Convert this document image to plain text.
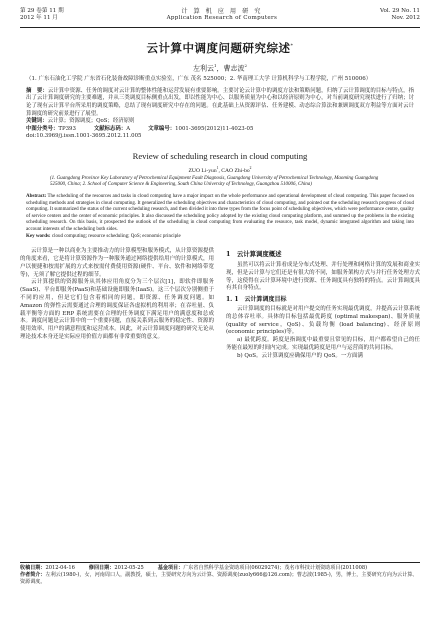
第 29 卷第 11 期
2012 年 11 月
计 算 机 应 用 研 究
Application Research of Computers
Vol. 29 No. 11
Nov. 2012
云计算中调度问题研究综述*
左利云$^1$，曹志波$^2$
（1. 广东石油化工学院 广东省石化装备故障诊断重点实验室，广东 茂名 525000；2. 华南理工大学 计算机科学与工程学院，广州 510006）
摘　要：云计算中资源、任务的调度对云计算的整体性能和运营发展有重要影响。主要讨论云计算中的调度方法和策略问题，归纳了云计算调度的目标与特点，指出了云计算调度研究的主要难题，并从三类调度目标侧重点出发，即以性能为中心、以服务质量为中心和以经济原则为中心，对当前调度研究现状进行了归纳；讨论了现有云计算平台所采用的调度策略，总结了现有调度研究中存在的问题。在此基础上从资源评估、任务建模、动态综合算法和兼顾调度双方利益等方面对云计算调度的研究前景进行了展望。
关键词：云计算；资源调度；QoS；经济原则
中图分类号：TP393	文献标志码：A	文章编号：1001-3695(2012)11-4023-05
doi:10.3969/j.issn.1001-3695.2012.11.005
Review of scheduling research in cloud computing
ZUO Li-yun$^1$, CAO Zhi-$bo^2$
(1. Guangdong Province Key Laboratory of Petrochemical Equipment Fault Diagnosis, Guangdong University of Petrochemical Technology, Maoming Guangdong 525000, China; 2. School of Computer Science & Engineering, South China University of Technology, Guangzhou 510006, China)
Abstract: The scheduling of the resources and tasks in cloud computing have a major impact on the whole performance and operational development of cloud computing. This paper focused on scheduling methods and strategies in cloud computing. It generalized the scheduling objectives and characteristics of cloud computing, and pointed out the scheduling research progress of cloud computing. It summarized the status of the current scheduling research, and then divided it into three types from the focus point of scheduling objectives, which were performance centre, quality of service centers and the center of economic principles. It also discussed the scheduling policy adopted by the existing cloud computing platform, and summed up the problems in the existing scheduling research. On this basis, it prospected the outlook of the scheduling in cloud computing from evaluating the resource, task model, dynamic integrated algorithm and taking into account interests of the scheduling both sides.
Key words: cloud computing; resource scheduling; QoS; economic principle

云计算是一种以商业为主要推动力的计算模型和服务模式，从计算资源提供的角度来看，它是将计算资源作为一种服务通过网络提供给用户的计算模式，用户以便捷和按需扩展的方式来按需付费使用资源(硬件、平台、软件和网络带宽等)，无须了解它提供过程的细节。

云计算提供的资源服务从其体应用角度分为三个层次[1]，即软件即服务(SaaS)、平台即服务(PaaS)和基础设施即服务(IaaS)。这三个层次分别侧重于不同的应用，但是它们包含着相同的问题，即资源、任务调度问题。如 Amazon 的弹性云需要通过合理的调度保证各虚拟机的利用率；在吞吐量、负载平衡等方面的 ERP 系统需要在合理的任务调度下满足用户的满意度和总成本。调度问题是云计算中的一个重要问题，直接关系到云服务的稳定性、资源的使用效率、用户的满意程度和运营成本。因此，对云计算调度问题的研究无论从理论技术本身还是实际应用价值方面都有非常重要的意义。

1　云计算调度概述

虽然可以将云计算看成是分布式处理、并行处理和网格计算的发展和商业实现，但是云计算与它们还是有很大的不同，如服务架构方式与并行任务处理方式等，这使得在云计算环境中进行资源、任务调度具有独特的特点。云计算调度具有其自身特点。

1. 1　云计算调度目标

云计算调度的目标就是对用户提交的任务实现最优调度，并提高云计算系统的总体吞吐率。具体的目标包括最优跨度 (optimal makespan)、服务质量 (quality of service，QoS)、负载均衡 (load balancing)、经济原则 (economic principles)等。

a) 最优跨度。跨度是指调度中最重要且常见的目标，用户都希望自己的任务能在最短的时间内完成。实现最优跨度是用户与运营商的共同目标。

b) QoS。云计算调度应确保用户的 QoS。一方面满

收稿日期：2012-04-16	修回日期：2012-05-25	基金项目：广东省自然科学基金资助项目(06029274)；茂名市科技计划资助项目(2011008)
作者简介：左利云(1980-)，女，河南周口人，副教授，硕士，主要研究方向为云计算、资源调度(zuoly666@126.com)；曹志波(1985-)，男，博士，主要研究方向为云计算、资源调度。
